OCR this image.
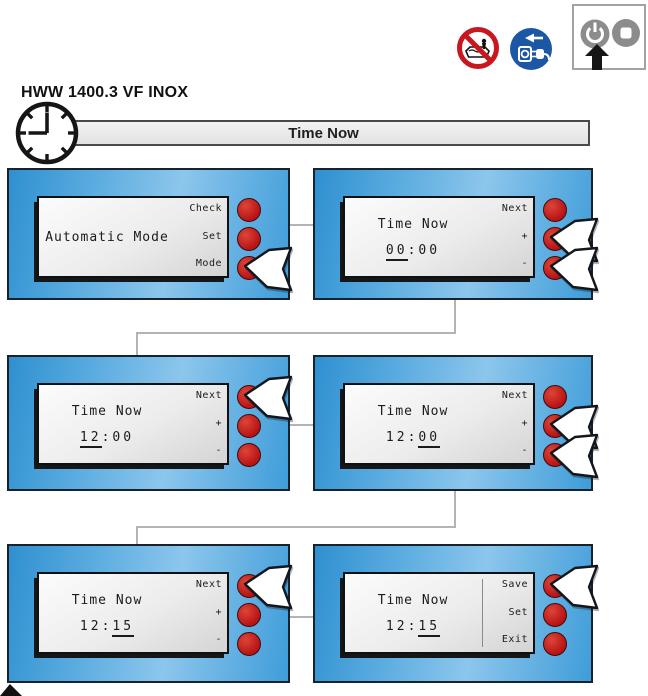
HWW 1400.3 VF INOX
Time Now
Automatic Mode
Check
Set
Mode
Time Now
00:00
Next
+
-
Time Now
12:00
Next
+
-
Time Now
12:00
Next
+
-
Time Now
12:15
Next
+
-
Time Now
12:15
Save
Set
Exit
